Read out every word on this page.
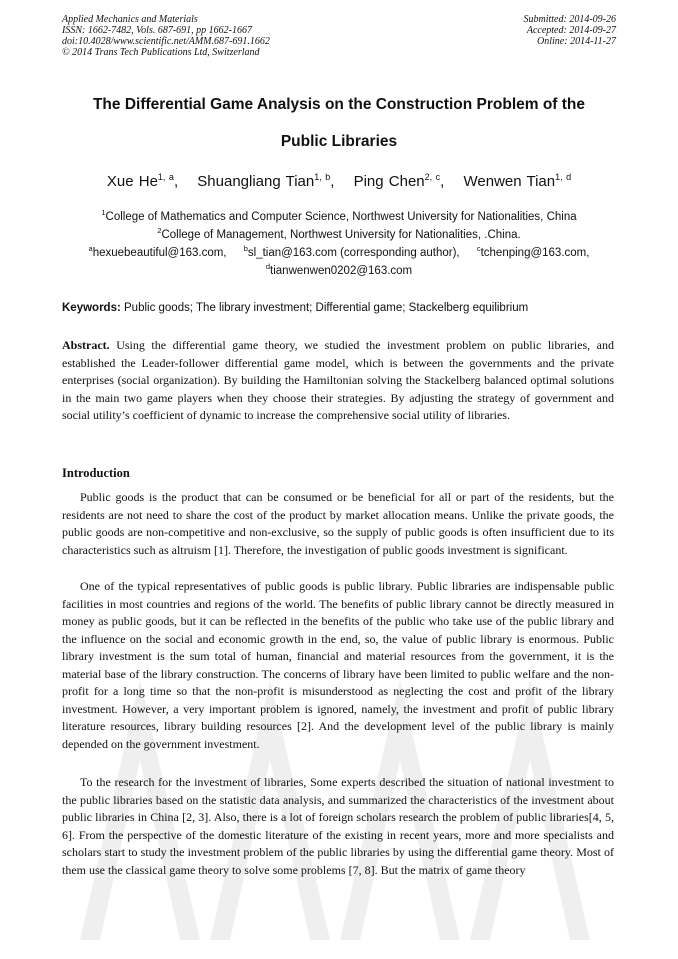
Applied Mechanics and Materials
ISSN: 1662-7482, Vols. 687-691, pp 1662-1667
doi:10.4028/www.scientific.net/AMM.687-691.1662
© 2014 Trans Tech Publications Ltd, Switzerland
Submitted: 2014-09-26
Accepted: 2014-09-27
Online: 2014-11-27
The Differential Game Analysis on the Construction Problem of the
Public Libraries
Xue He$^{1, a}$, Shuangliang Tian$^{1, b}$, Ping Chen$^{2, c}$, Wenwen Tian$^{1, d}$
$^1$College of Mathematics and Computer Science, Northwest University for Nationalities, China
$^2$College of Management, Northwest University for Nationalities, .China.
$^a$hexuebeautiful@163.com, $^b$sl_tian@163.com (corresponding author), $^c$tchenping@163.com,
$^d$tianwenwen0202@163.com
Keywords: Public goods; The library investment; Differential game; Stackelberg equilibrium
Abstract. Using the differential game theory, we studied the investment problem on public libraries, and established the Leader-follower differential game model, which is between the governments and the private enterprises (social organization). By building the Hamiltonian solving the Stackelberg balanced optimal solutions in the main two game players when they choose their strategies. By adjusting the strategy of government and social utility’s coefficient of dynamic to increase the comprehensive social utility of libraries.
Introduction
Public goods is the product that can be consumed or be beneficial for all or part of the residents, but the residents are not need to share the cost of the product by market allocation means. Unlike the private goods, the public goods are non-competitive and non-exclusive, so the supply of public goods is often insufficient due to its characteristics such as altruism [1]. Therefore, the investigation of public goods investment is significant.
One of the typical representatives of public goods is public library. Public libraries are indispensable public facilities in most countries and regions of the world. The benefits of public library cannot be directly measured in money as public goods, but it can be reflected in the benefits of the public who take use of the public library and the influence on the social and economic growth in the end, so, the value of public library is enormous. Public library investment is the sum total of human, financial and material resources from the government, it is the material base of the library construction. The concerns of library have been limited to public welfare and the non-profit for a long time so that the non-profit is misunderstood as neglecting the cost and profit of the library investment. However, a very important problem is ignored, namely, the investment and profit of public library literature resources, library building resources [2]. And the development level of the public library is mainly depended on the government investment.
To the research for the investment of libraries, Some experts described the situation of national investment to the public libraries based on the statistic data analysis, and summarized the characteristics of the investment about public libraries in China [2, 3]. Also, there is a lot of foreign scholars research the problem of public libraries[4, 5, 6]. From the perspective of the domestic literature of the existing in recent years, more and more specialists and scholars start to study the investment problem of the public libraries by using the differential game theory. Most of them use the classical game theory to solve some problems [7, 8]. But the matrix of game theory
